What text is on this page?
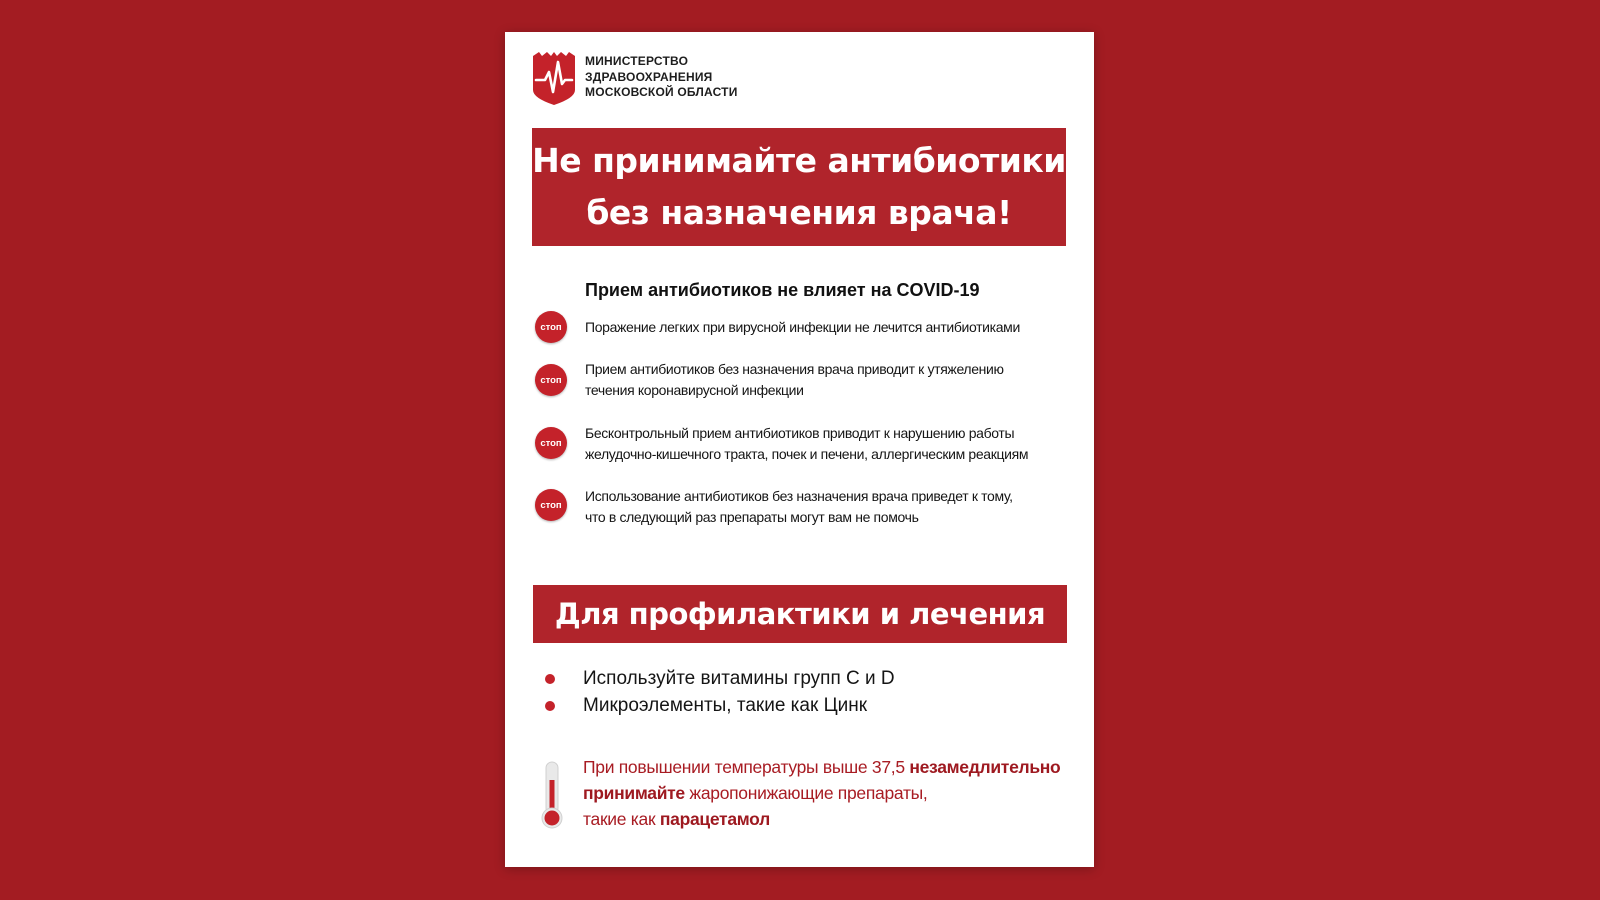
МИНИСТЕРСТВО
ЗДРАВООХРАНЕНИЯ
МОСКОВСКОЙ ОБЛАСТИ
Не принимайте антибиотики
без назначения врача!
Прием антибиотиков не влияет на COVID-19
стоп Поражение легких при вирусной инфекции не лечится антибиотиками
стоп
Прием антибиотиков без назначения врача приводит к утяжелению
течения коронавирусной инфекции
стоп
Бесконтрольный прием антибиотиков приводит к нарушению работы
желудочно-кишечного тракта, почек и печени, аллергическим реакциям
стоп
Использование антибиотиков без назначения врача приведет к тому,
что в следующий раз препараты могут вам не помочь
Для профилактики и лечения
Используйте витамины групп С и D
Микроэлементы, такие как Цинк
При повышении температуры выше 37,5 незамедлительно
принимайте жаропонижающие препараты,
такие как парацетамол
